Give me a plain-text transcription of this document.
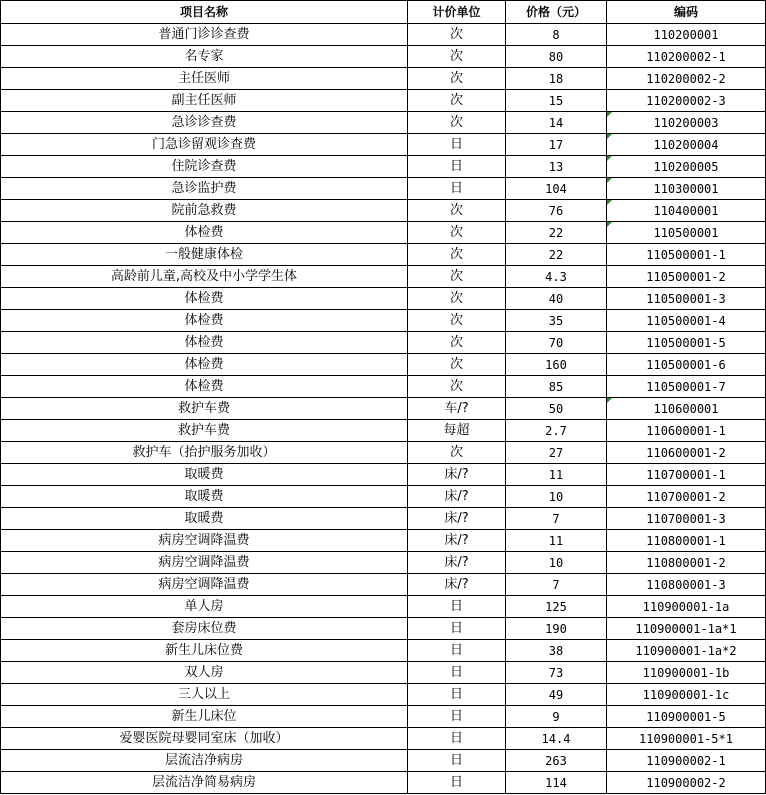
项目名称	计价单位	价格（元）	编码
普通门诊诊查费	次	8	110200001
名专家	次	80	110200002-1
主任医师	次	18	110200002-2
副主任医师	次	15	110200002-3
急诊诊查费	次	14	110200003
门急诊留观诊查费	日	17	110200004
住院诊查费	日	13	110200005
急诊监护费	日	104	110300001
院前急救费	次	76	110400001
体检费	次	22	110500001
一般健康体检	次	22	110500001-1
高龄前儿童,高校及中小学学生体	次	4.3	110500001-2
体检费	次	40	110500001-3
体检费	次	35	110500001-4
体检费	次	70	110500001-5
体检费	次	160	110500001-6
体检费	次	85	110500001-7
救护车费	车/?	50	110600001
救护车费	每超	2.7	110600001-1
救护车（抬护服务加收）	次	27	110600001-2
取暖费	床/?	11	110700001-1
取暖费	床/?	10	110700001-2
取暖费	床/?	7	110700001-3
病房空调降温费	床/?	11	110800001-1
病房空调降温费	床/?	10	110800001-2
病房空调降温费	床/?	7	110800001-3
单人房	日	125	110900001-1a
套房床位费	日	190	110900001-1a*1
新生儿床位费	日	38	110900001-1a*2
双人房	日	73	110900001-1b
三人以上	日	49	110900001-1c
新生儿床位	日	9	110900001-5
爱婴医院母婴同室床（加收）	日	14.4	110900001-5*1
层流洁净病房	日	263	110900002-1
层流洁净简易病房	日	114	110900002-2
